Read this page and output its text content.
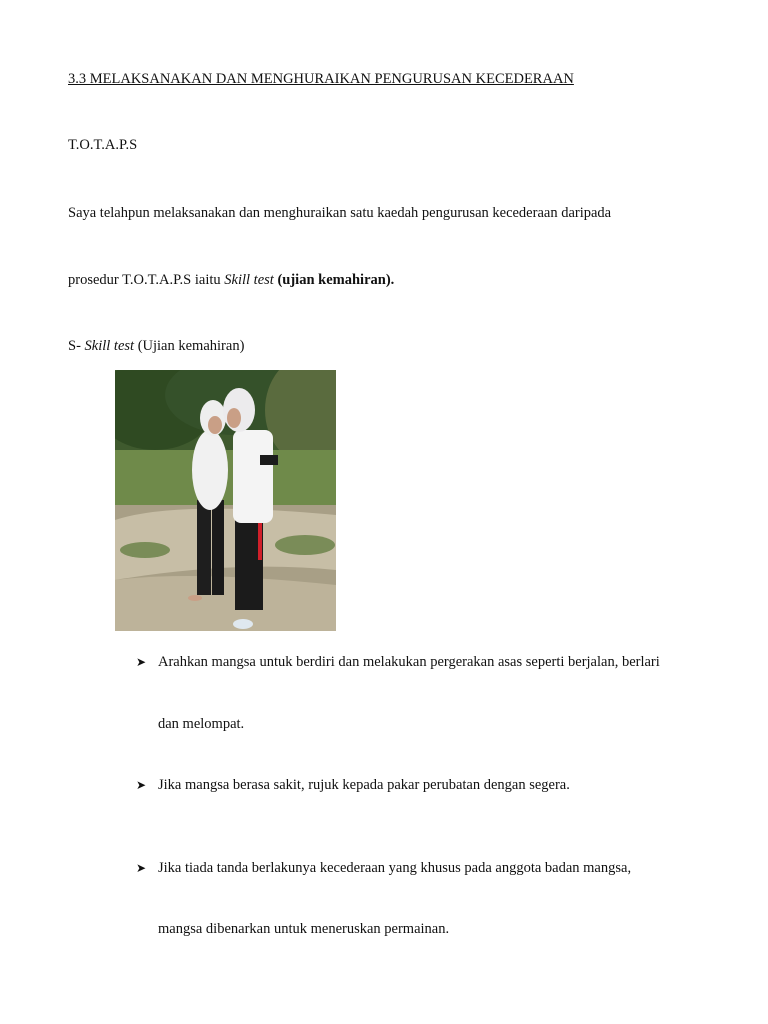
3.3 MELAKSANAKAN DAN MENGHURAIKAN PENGURUSAN KECEDERAAN
T.O.T.A.P.S
Saya telahpun melaksanakan dan menghuraikan satu kaedah pengurusan kecederaan daripada
prosedur T.O.T.A.P.S iaitu Skill test (ujian kemahiran).
S- Skill test (Ujian kemahiran)
➤ Arahkan mangsa untuk berdiri dan melakukan pergerakan asas seperti berjalan, berlari
dan melompat.
➤ Jika mangsa berasa sakit, rujuk kepada pakar perubatan dengan segera.
➤ Jika tiada tanda berlakunya kecederaan yang khusus pada anggota badan mangsa,
mangsa dibenarkan untuk meneruskan permainan.
